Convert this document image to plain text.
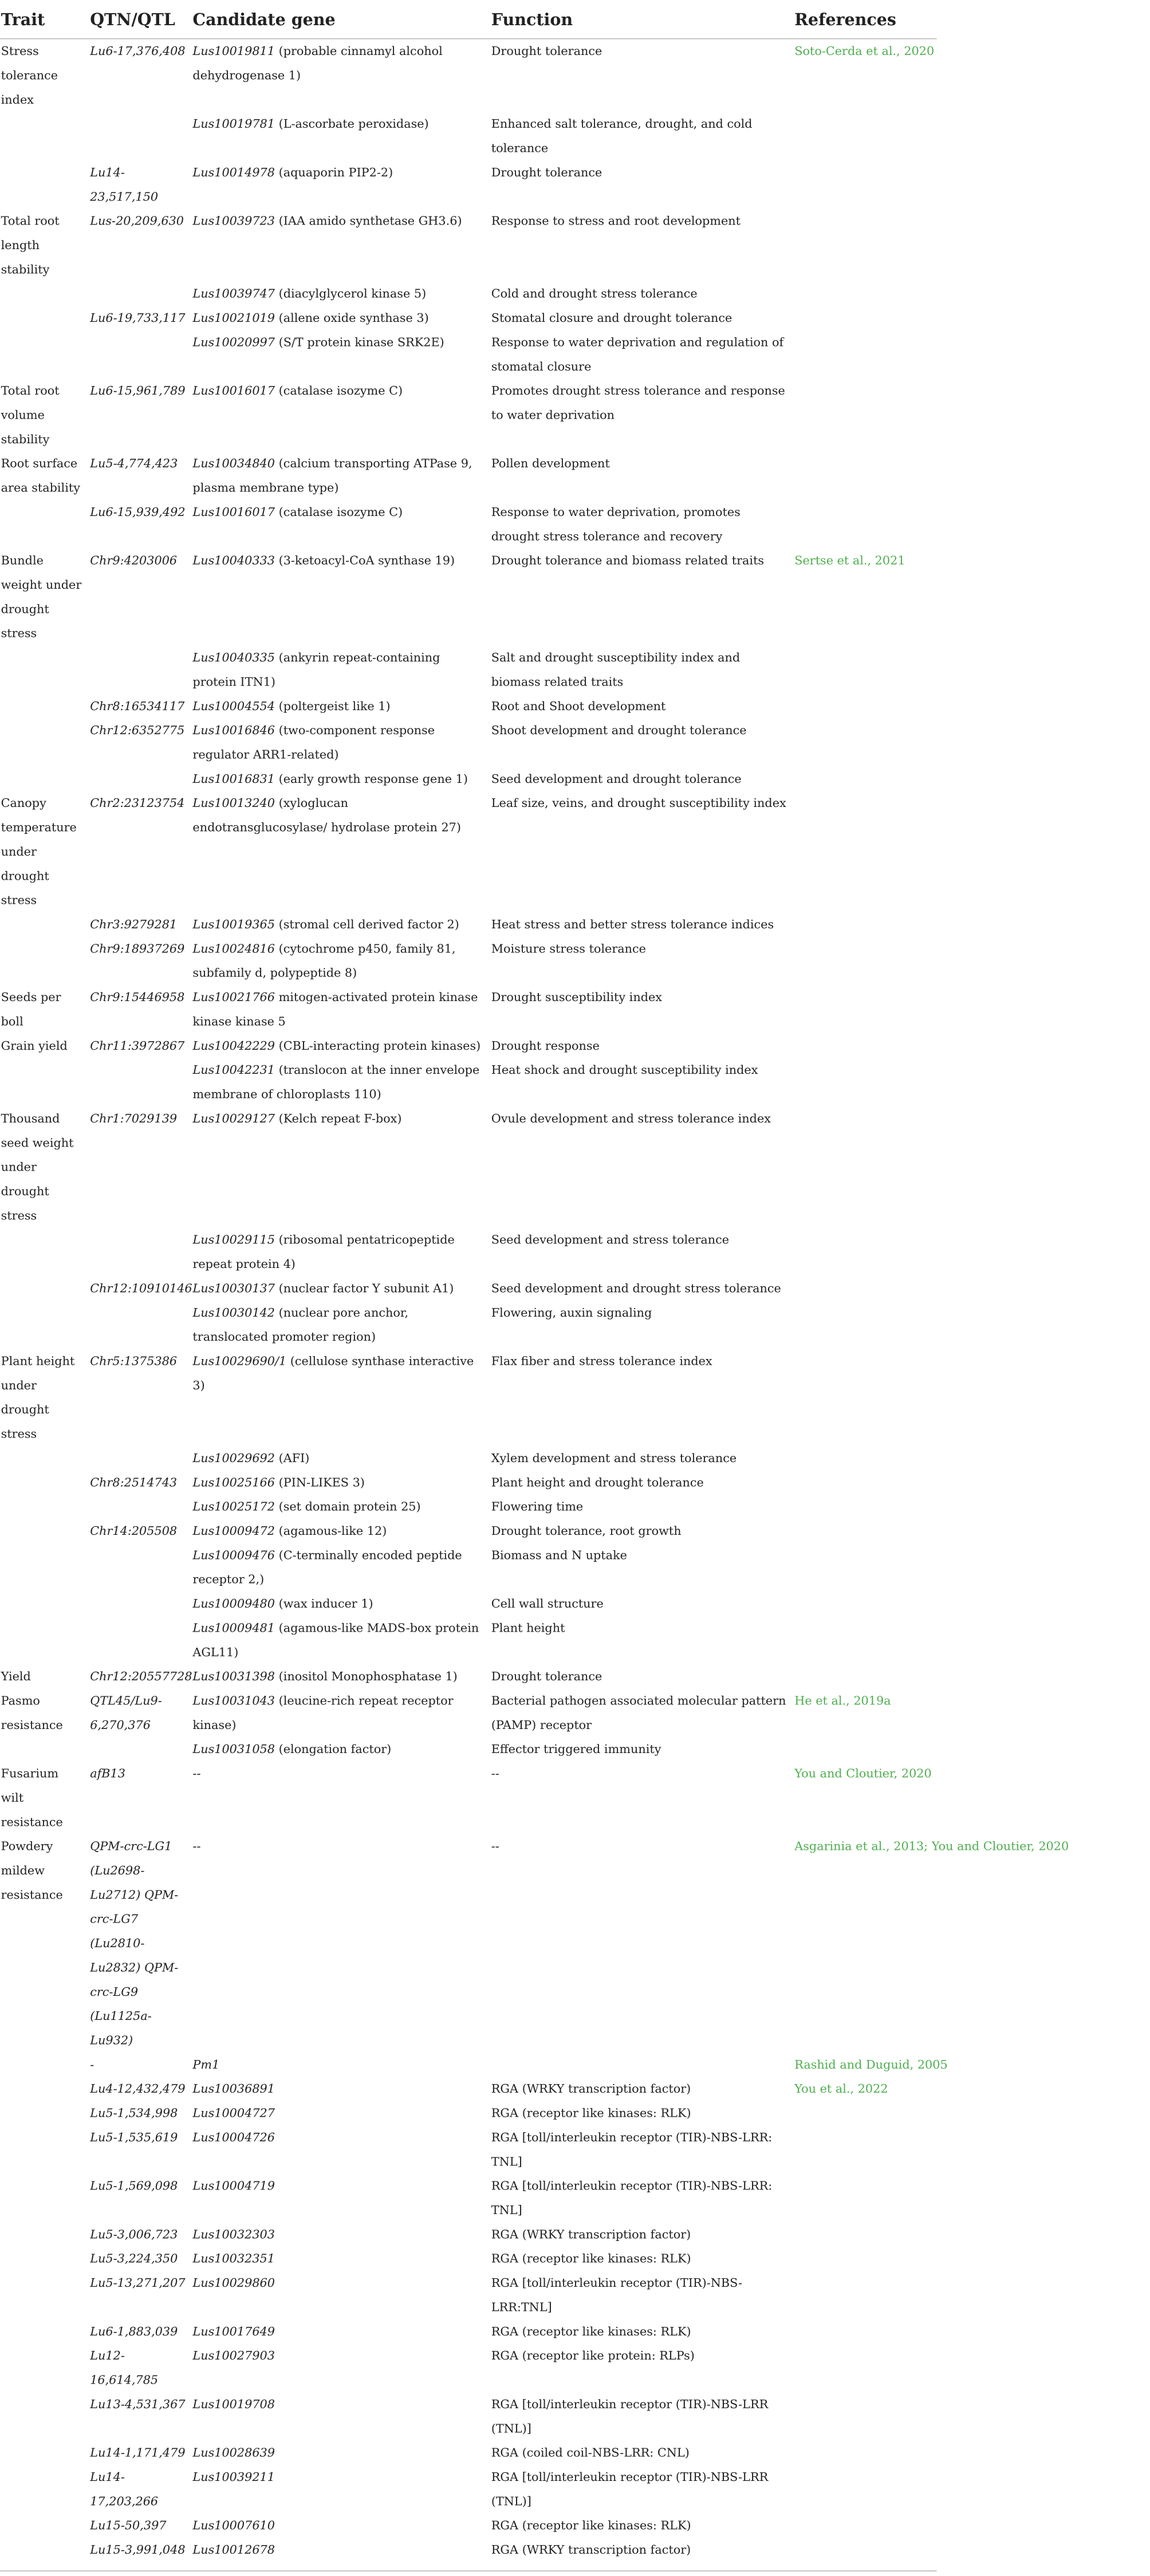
Trait	QTN/QTL	Candidate gene	Function	References
Stress tolerance index	Lu6-17,376,408	Lus10019811 (probable cinnamyl alcohol dehydrogenase 1)	Drought tolerance	Soto-Cerda et al., 2020
		Lus10019781 (L-ascorbate peroxidase)	Enhanced salt tolerance, drought, and cold tolerance	
	Lu14-23,517,150	Lus10014978 (aquaporin PIP2-2)	Drought tolerance	
Total root length stability	Lus-20,209,630	Lus10039723 (IAA amido synthetase GH3.6)	Response to stress and root development	
		Lus10039747 (diacylglycerol kinase 5)	Cold and drought stress tolerance	
	Lu6-19,733,117	Lus10021019 (allene oxide synthase 3)	Stomatal closure and drought tolerance	
		Lus10020997 (S/T protein kinase SRK2E)	Response to water deprivation and regulation of stomatal closure	
Total root volume stability	Lu6-15,961,789	Lus10016017 (catalase isozyme C)	Promotes drought stress tolerance and response to water deprivation	
Root surface area stability	Lu5-4,774,423	Lus10034840 (calcium transporting ATPase 9, plasma membrane type)	Pollen development	
	Lu6-15,939,492	Lus10016017 (catalase isozyme C)	Response to water deprivation, promotes drought stress tolerance and recovery	
Bundle weight under drought stress	Chr9:4203006	Lus10040333 (3-ketoacyl-CoA synthase 19)	Drought tolerance and biomass related traits	Sertse et al., 2021
		Lus10040335 (ankyrin repeat-containing protein ITN1)	Salt and drought susceptibility index and biomass related traits	
	Chr8:16534117	Lus10004554 (poltergeist like 1)	Root and Shoot development	
	Chr12:6352775	Lus10016846 (two-component response regulator ARR1-related)	Shoot development and drought tolerance	
		Lus10016831 (early growth response gene 1)	Seed development and drought tolerance	
Canopy temperature under drought stress	Chr2:23123754	Lus10013240 (xyloglucan endotransglucosylase/ hydrolase protein 27)	Leaf size, veins, and drought susceptibility index	
	Chr3:9279281	Lus10019365 (stromal cell derived factor 2)	Heat stress and better stress tolerance indices	
	Chr9:18937269	Lus10024816 (cytochrome p450, family 81, subfamily d, polypeptide 8)	Moisture stress tolerance	
Seeds per boll	Chr9:15446958	Lus10021766 mitogen-activated protein kinase kinase kinase 5	Drought susceptibility index	
Grain yield	Chr11:3972867	Lus10042229 (CBL-interacting protein kinases)	Drought response	
		Lus10042231 (translocon at the inner envelope membrane of chloroplasts 110)	Heat shock and drought susceptibility index	
Thousand seed weight under drought stress	Chr1:7029139	Lus10029127 (Kelch repeat F-box)	Ovule development and stress tolerance index	
		Lus10029115 (ribosomal pentatricopeptide repeat protein 4)	Seed development and stress tolerance	
	Chr12:10910146	Lus10030137 (nuclear factor Y subunit A1)	Seed development and drought stress tolerance	
		Lus10030142 (nuclear pore anchor, translocated promoter region)	Flowering, auxin signaling	
Plant height under drought stress	Chr5:1375386	Lus10029690/1 (cellulose synthase interactive 3)	Flax fiber and stress tolerance index	
		Lus10029692 (AFI)	Xylem development and stress tolerance	
	Chr8:2514743	Lus10025166 (PIN-LIKES 3)	Plant height and drought tolerance	
		Lus10025172 (set domain protein 25)	Flowering time	
	Chr14:205508	Lus10009472 (agamous-like 12)	Drought tolerance, root growth	
		Lus10009476 (C-terminally encoded peptide receptor 2,)	Biomass and N uptake	
		Lus10009480 (wax inducer 1)	Cell wall structure	
		Lus10009481 (agamous-like MADS-box protein AGL11)	Plant height	
Yield	Chr12:20557728	Lus10031398 (inositol Monophosphatase 1)	Drought tolerance	
Pasmo resistance	QTL45/Lu9-6,270,376	Lus10031043 (leucine-rich repeat receptor kinase)	Bacterial pathogen associated molecular pattern (PAMP) receptor	He et al., 2019a
		Lus10031058 (elongation factor)	Effector triggered immunity	
Fusarium wilt resistance	afB13	--	--	You and Cloutier, 2020
Powdery mildew resistance	QPM-crc-LG1 (Lu2698-Lu2712) QPM-crc-LG7 (Lu2810-Lu2832) QPM-crc-LG9 (Lu1125a-Lu932)	--	--	Asgarinia et al., 2013; You and Cloutier, 2020
	-	Pm1		Rashid and Duguid, 2005
	Lu4-12,432,479	Lus10036891	RGA (WRKY transcription factor)	You et al., 2022
	Lu5-1,534,998	Lus10004727	RGA (receptor like kinases: RLK)	
	Lu5-1,535,619	Lus10004726	RGA [toll/interleukin receptor (TIR)-NBS-LRR: TNL]	
	Lu5-1,569,098	Lus10004719	RGA [toll/interleukin receptor (TIR)-NBS-LRR: TNL]	
	Lu5-3,006,723	Lus10032303	RGA (WRKY transcription factor)	
	Lu5-3,224,350	Lus10032351	RGA (receptor like kinases: RLK)	
	Lu5-13,271,207	Lus10029860	RGA [toll/interleukin receptor (TIR)-NBS-LRR:TNL]	
	Lu6-1,883,039	Lus10017649	RGA (receptor like kinases: RLK)	
	Lu12-16,614,785	Lus10027903	RGA (receptor like protein: RLPs)	
	Lu13-4,531,367	Lus10019708	RGA [toll/interleukin receptor (TIR)-NBS-LRR (TNL)]	
	Lu14-1,171,479	Lus10028639	RGA (coiled coil-NBS-LRR: CNL)	
	Lu14-17,203,266	Lus10039211	RGA [toll/interleukin receptor (TIR)-NBS-LRR (TNL)]	
	Lu15-50,397	Lus10007610	RGA (receptor like kinases: RLK)	
	Lu15-3,991,048	Lus10012678	RGA (WRKY transcription factor)	
